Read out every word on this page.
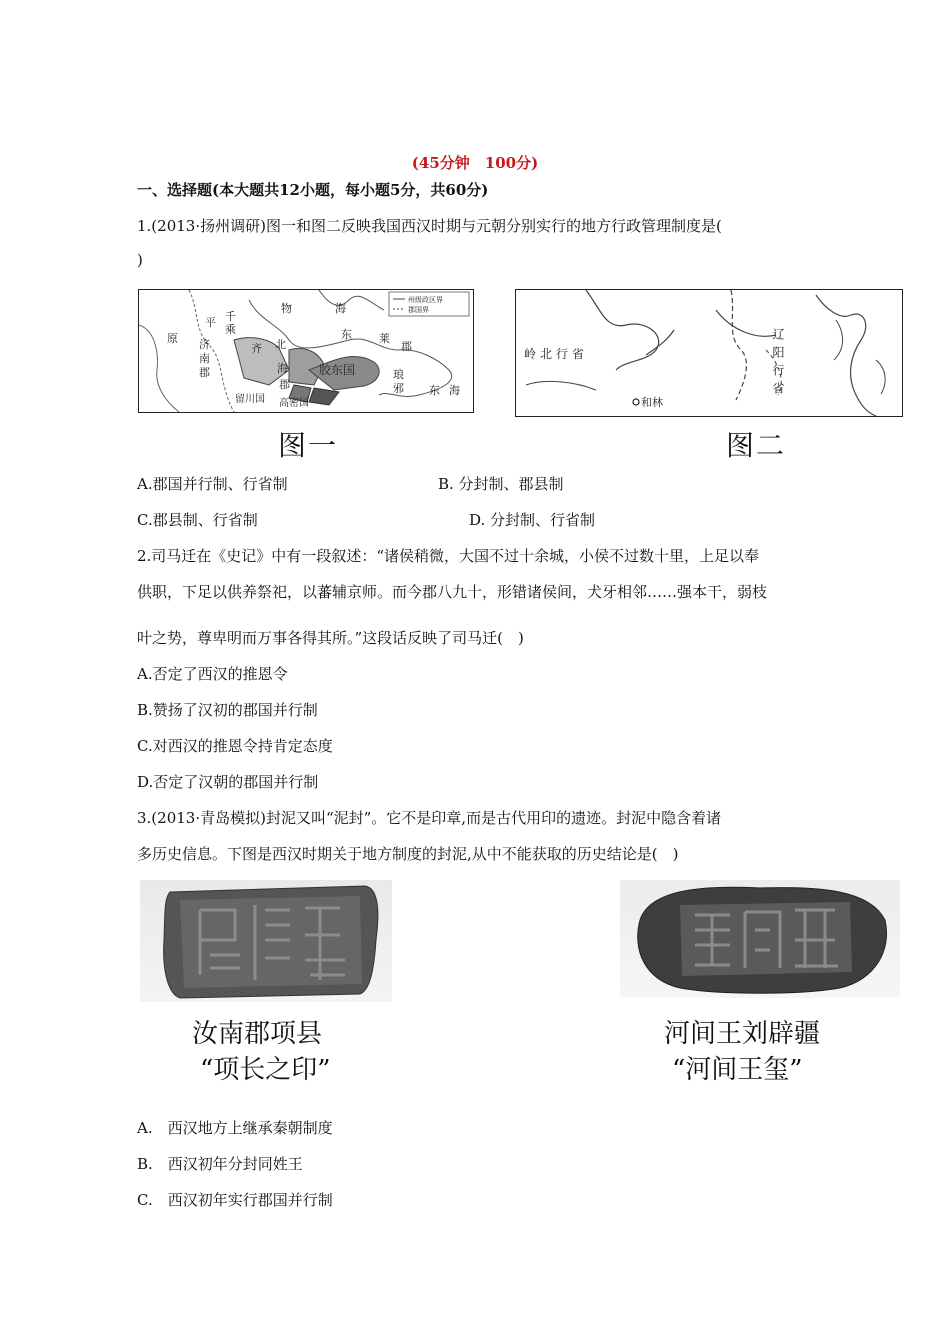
(45分钟　100分)
一、选择题(本大题共12小题，每小题5分，共60分)
1.(2013·扬州调研)图一和图二反映我国西汉时期与元朝分别实行的地方行政管理制度是(
)
州级政区界
郡国界
物	海
东 莱
郡
平 千
乘
原 济
南
郡
齐 北
海
郡
胶东国	琅
邪 东 海
留川国 高密国
图一
岭北行省	辽阳行省
和林
图二
A.郡国并行制、行省制	B. 分封制、郡县制
C.郡县制、行省制	D. 分封制、行省制
2.司马迁在《史记》中有一段叙述：“诸侯稍微，大国不过十余城，小侯不过数十里，上足以奉
供职，下足以供养祭祀，以蕃辅京师。而今郡八九十，形错诸侯间，犬牙相邻……强本干，弱枝
叶之势，尊卑明而万事各得其所。”这段话反映了司马迁(　)
A.否定了西汉的推恩令
B.赞扬了汉初的郡国并行制
C.对西汉的推恩令持肯定态度
D.否定了汉朝的郡国并行制
3.(2013·青岛模拟)封泥又叫“泥封”。它不是印章,而是古代用印的遗迹。封泥中隐含着诸
多历史信息。下图是西汉时期关于地方制度的封泥,从中不能获取的历史结论是(　)
汝南郡项县
“项长之印”
河间王刘辟疆
“河间王玺”
A.　西汉地方上继承秦朝制度
B.　西汉初年分封同姓王
C.　西汉初年实行郡国并行制
